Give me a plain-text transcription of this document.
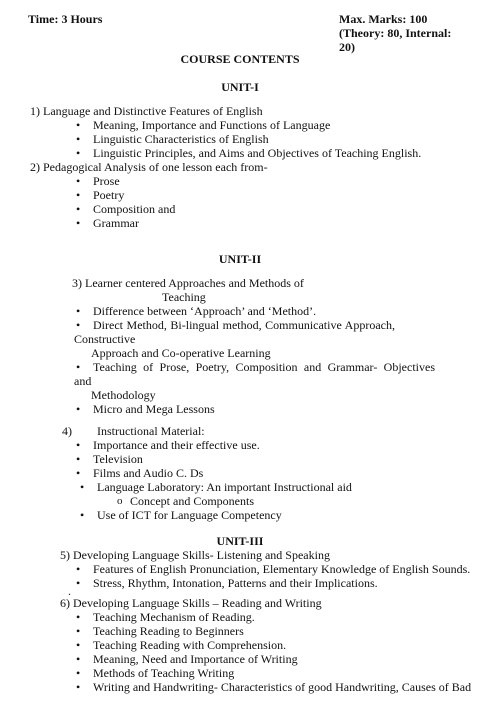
Time: 3 Hours	Max. Marks: 100
(Theory: 80, Internal:
20)
COURSE CONTENTS
UNIT-I
1) Language and Distinctive Features of English
• Meaning, Importance and Functions of Language
• Linguistic Characteristics of English
• Linguistic Principles, and Aims and Objectives of Teaching English.
2) Pedagogical Analysis of one lesson each from-
• Prose
• Poetry
• Composition and
• Grammar
UNIT-II
3) Learner centered Approaches and Methods of
Teaching
• Difference between ‘Approach’ and ‘Method’.
• Direct Method, Bi-lingual method, Communicative Approach,
Constructive
Approach and Co-operative Learning
• Teaching of Prose, Poetry, Composition and Grammar- Objectives
and
Methodology
• Micro and Mega Lessons
4) Instructional Material:
• Importance and their effective use.
• Television
• Films and Audio C. Ds
• Language Laboratory: An important Instructional aid
o Concept and Components
• Use of ICT for Language Competency
UNIT-III
5) Developing Language Skills- Listening and Speaking
• Features of English Pronunciation, Elementary Knowledge of English Sounds.
• Stress, Rhythm, Intonation, Patterns and their Implications.
.
6) Developing Language Skills – Reading and Writing
• Teaching Mechanism of Reading.
• Teaching Reading to Beginners
• Teaching Reading with Comprehension.
• Meaning, Need and Importance of Writing
• Methods of Teaching Writing
• Writing and Handwriting- Characteristics of good Handwriting, Causes of Bad
